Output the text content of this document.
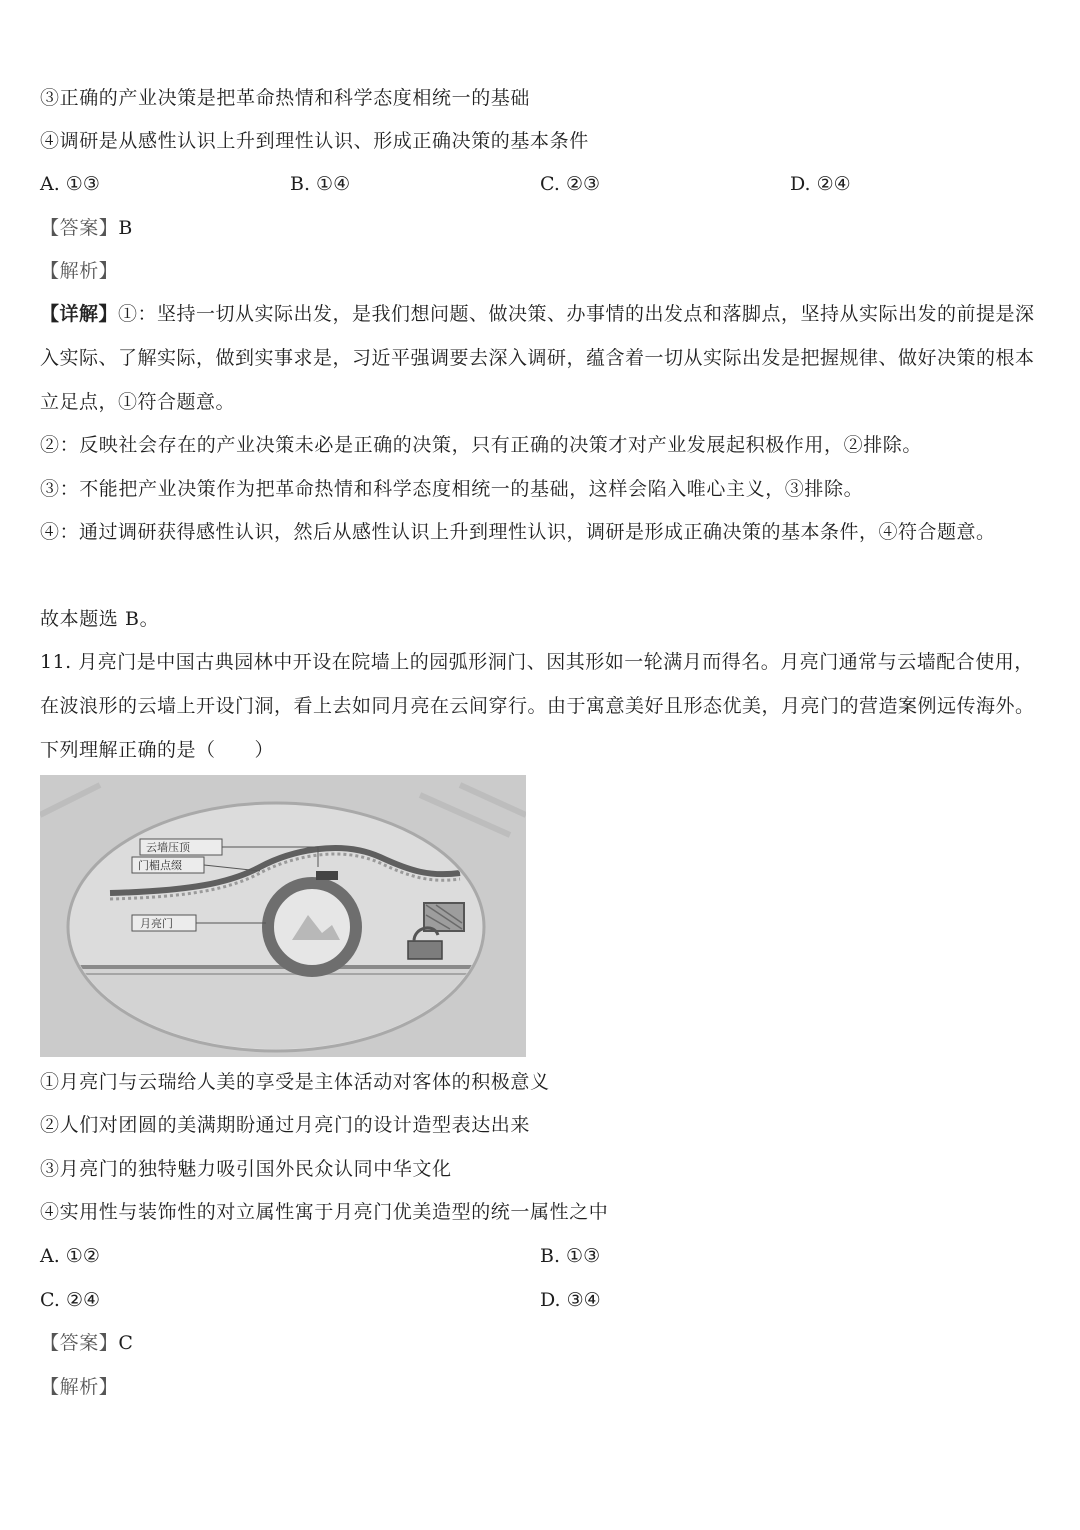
③正确的产业决策是把革命热情和科学态度相统一的基础
④调研是从感性认识上升到理性认识、形成正确决策的基本条件
A. ①③	B. ①④	C. ②③	D. ②④
【答案】B
【解析】
【详解】①：坚持一切从实际出发，是我们想问题、做决策、办事情的出发点和落脚点，坚持从实际出发的前提是深入实际、了解实际，做到实事求是，习近平强调要去深入调研，蕴含着一切从实际出发是把握规律、做好决策的根本立足点，①符合题意。
②：反映社会存在的产业决策未必是正确的决策，只有正确的决策才对产业发展起积极作用，②排除。
③：不能把产业决策作为把革命热情和科学态度相统一的基础，这样会陷入唯心主义，③排除。
④：通过调研获得感性认识，然后从感性认识上升到理性认识，调研是形成正确决策的基本条件，④符合题意。
故本题选 B。
11. 月亮门是中国古典园林中开设在院墙上的园弧形洞门、因其形如一轮满月而得名。月亮门通常与云墙配合使用，在波浪形的云墙上开设门洞，看上去如同月亮在云间穿行。由于寓意美好且形态优美，月亮门的营造案例远传海外。下列理解正确的是（　　）
云墙压顶
门楣点缀
月亮门
①月亮门与云瑞给人美的享受是主体活动对客体的积极意义
②人们对团圆的美满期盼通过月亮门的设计造型表达出来
③月亮门的独特魅力吸引国外民众认同中华文化
④实用性与装饰性的对立属性寓于月亮门优美造型的统一属性之中
A. ①②	B. ①③
C. ②④	D. ③④
【答案】C
【解析】
